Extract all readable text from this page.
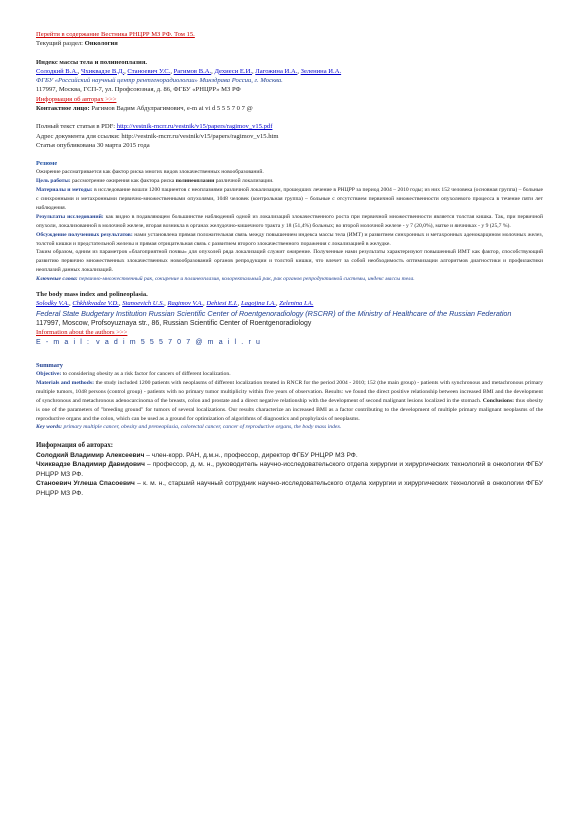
Перейти в содержание Вестника РНЦРР МЗ РФ. Том 15.
Текущий раздел: Онкология
Индекс массы тела и полинеоплазия.
Солодкий В.А., Чхиквадзе В.Д., Станоевич У.С., Рагимов В.А., Дехиеси Е.И., Лагожина И.А., Зеленина И.А.
ФГБУ «Российский научный центр рентгенорадиологии» Минздрава России, г. Москва.
117997, Москва, ГСП-7, ул. Профсоюзная, д. 86, ФГБУ «РНЦРР» МЗ РФ
Информация об авторах >>>
Контактное лицо: Рагимов Вадим Абдулрагимович, e-m ai vi d 5 5 5 7 0 7 @
Полный текст статьи в PDF: http://vestnik-rncrr.ru/vestnik/v15/papers/ragimov_v15.pdf
Адрес документа для ссылки: http://vestnik-rncrr.ru/vestnik/v15/papers/ragimov_v15.htm
Статья опубликована 30 марта 2015 года
Резюме

Ожирение рассматривается как фактор риска многих видов злокачественных новообразований.

Цель работы: рассмотрение ожирения как фактора риска полинеоплазии различной локализации.

Материалы и методы: в исследование вошли 1200 пациентов с неоплазиями различной локализации, прошедших лечение в РНЦРР за период 2004 – 2010 годы; из них 152 человека (основная группа) – больные с синхронными и метахронными первично-множественными опухолями, 1048 человек (контрольная группа) – больные с отсутствием первичной множественности опухолевого процесса в течение пяти лет наблюдения.

Результаты исследований: как видно в подавляющем большинстве наблюдений одной из локализаций злокачественного роста при первичной множественности является толстая кишка. Так, при первичной опухоли, локализованной в молочной железе, вторая возникла в органах желудочно-кишечного тракта у 18 (51,4%) больных; во второй молочной железе - у 7 (20,0%), матке и яичниках - у 9 (25,7 %).

Обсуждение полученных результатов: нами установлена прямая положительная связь между повышением индекса массы тела (ИМТ) и развитием синхронных и метахронных аденокарцином молочных желез, толстой кишки и предстательной железы и прямая отрицательная связь с развитием второго злокачественного поражения с локализацией в желудке.

Таким образом, одним из параметров «благоприятной почвы» для опухолей ряда локализаций служит ожирение. Полученные нами результаты характеризуют повышенный ИМТ как фактор, способствующий развитию первично множественных злокачественных новообразований органов репродукции и толстой кишки, что влечет за собой необходимость оптимизации алгоритмов диагностики и профилактики неоплазий данных локализаций.

Ключевые слова: первично-множественный рак, ожирение и полинеоплазия, колоректальный рак, рак органов репродуктивной системы, индекс массы тела.

The body mass index and polineoplasia.
Solodky V.A., Chkhikvadze V.D., Stanoevich U.S., Ragimov V.A., Dehiesi E.I., Lagojina I.A., Zelenina I.A.
Federal State Budgetary Institution Russian Scientific Center of Roentgenoradiology (RSCRR) of the Ministry of Healthcare of the Russian Federation
117997, Moscow, Profsoyuznaya str., 86, Russian Scientific Center of Roentgenoradiology
Information about the authors >>>
E-mail: vadim555707@mail.ru
Summary

Objective: to considering obesity as a risk factor for cancers of different localization.

Materials and methods: the study included 1200 patients with neoplasms of different localization treated in RNCR for the period 2004 - 2010; 152 (the main group) - patients with synchronous and metachronous primary multiple tumors, 1048 persons (control group) - patients with no primary tumor multiplicity within five years of observation. Results: we found the direct positive relationship between increased BMI and the development of synchronous and metachronous adenocarcinoma of the breasts, colon and prostate and a direct negative relationship with the development of second malignant lesions localized in the stomach. Conclusions: thus obesity is one of the parameters of "breeding ground" for tumors of several localizations. Our results characterize an increased BMI as a factor contributing to the development of multiple primary malignant neoplasms of the reproductive organs and the colon, which can be used as a ground for optimization of algorithms of diagnostics and prophylaxis of neoplasms.

Key words: primary multiple cancer, obesity and preneoplasia, colorectal cancer, cancer of reproductive organs, the body mass index.

Информация об авторах:

Солодкий Владимир Алексеевич – член-корр. РАН, д.м.н., профессор, директор ФГБУ РНЦРР МЗ РФ.

Чхиквадзе Владимир Давидович – профессор, д. м. н., руководитель научно-исследовательского отдела хирургии и хирургических технологий в онкологии ФГБУ РНЦРР МЗ РФ.

Станоевич Углеша Спасоевич – к. м. н., старший научный сотрудник научно-исследовательского отдела хирургии и хирургических технологий в онкологии ФГБУ РНЦРР МЗ РФ.
